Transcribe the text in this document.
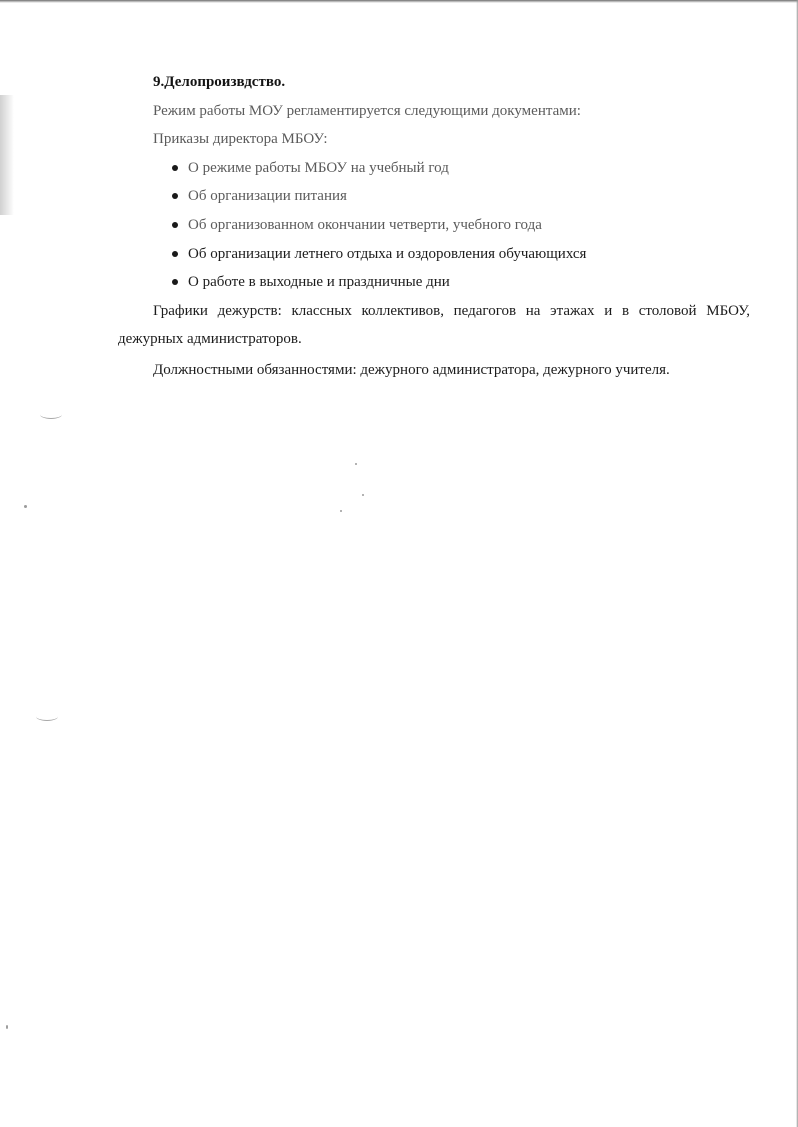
9.Делопроизвдство.
Режим работы МОУ регламентируется следующими документами:
Приказы директора МБОУ:
О режиме работы МБОУ на учебный год
Об организации питания
Об организованном окончании четверти, учебного года
Об организации летнего отдыха и оздоровления обучающихся
О работе в выходные и праздничные дни
Графики дежурств: классных коллективов, педагогов на этажах и в столовой МБОУ, дежурных администраторов.
Должностными обязанностями: дежурного администратора, дежурного учителя.
